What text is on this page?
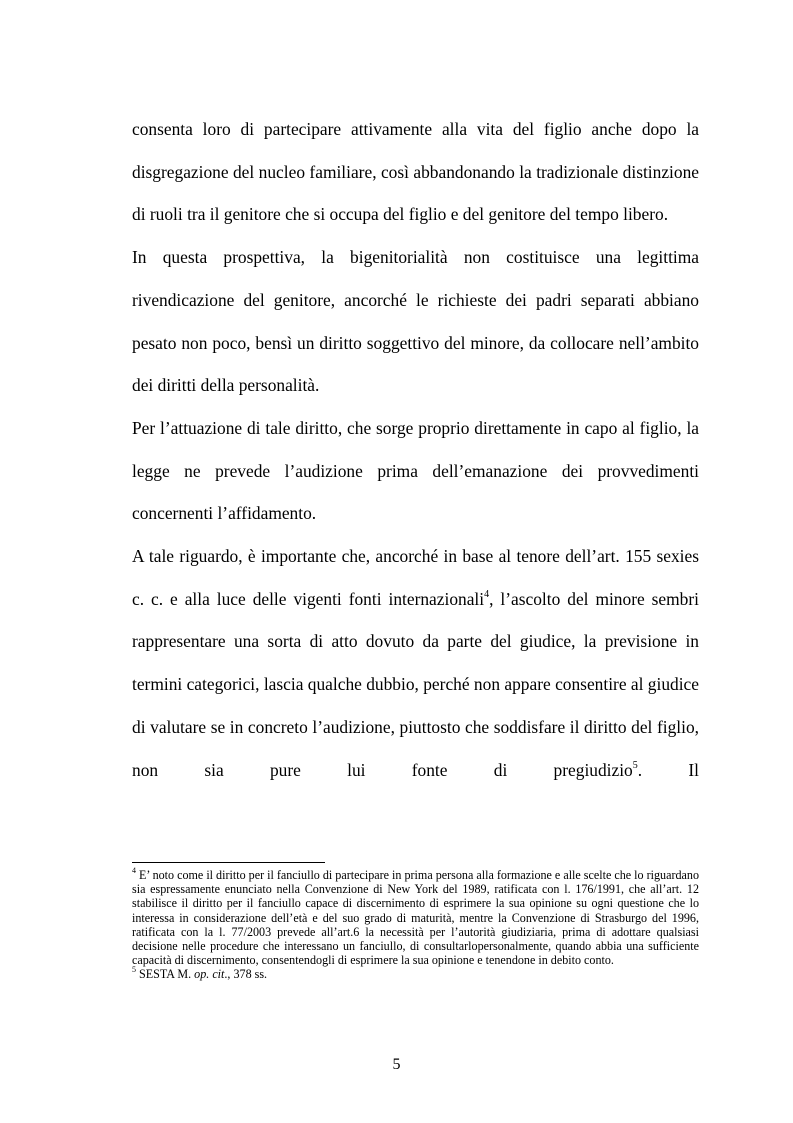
consenta loro di partecipare attivamente alla vita del figlio anche dopo la disgregazione del nucleo familiare, così abbandonando la tradizionale distinzione di ruoli tra il genitore che si occupa del figlio e del genitore del tempo libero.

In questa prospettiva, la bigenitorialità non costituisce una legittima rivendicazione del genitore, ancorché le richieste dei padri separati abbiano pesato non poco, bensì un diritto soggettivo del minore, da collocare nell’ambito dei diritti della personalità.

Per l’attuazione di tale diritto, che sorge proprio direttamente in capo al figlio, la legge ne prevede l’audizione prima dell’emanazione dei provvedimenti concernenti l’affidamento.

A tale riguardo, è importante che, ancorché in base al tenore dell’art. 155 sexies c. c. e alla luce delle vigenti fonti internazionali$^4$, l’ascolto del minore sembri rappresentare una sorta di atto dovuto da parte del giudice, la previsione in termini categorici, lascia qualche dubbio, perché non appare consentire al giudice di valutare se in concreto l’audizione, piuttosto che soddisfare il diritto del figlio, non sia pure lui fonte di pregiudizio$^5$. Il

$^4$ E’ noto come il diritto per il fanciullo di partecipare in prima persona alla formazione e alle scelte che lo riguardano sia espressamente enunciato nella Convenzione di New York del 1989, ratificata con l. 176/1991, che all’art. 12 stabilisce il diritto per il fanciullo capace di discernimento di esprimere la sua opinione su ogni questione che lo interessa in considerazione dell’età e del suo grado di maturità, mentre la Convenzione di Strasburgo del 1996, ratificata con la l. 77/2003 prevede all’art.6 la necessità per l’autorità giudiziaria, prima di adottare qualsiasi decisione nelle procedure che interessano un fanciullo, di consultarlopersonalmente, quando abbia una sufficiente capacità di discernimento, consentendogli di esprimere la sua opinione e tenendone in debito conto.

$^5$ SESTA M. op. cit., 378 ss.

5
